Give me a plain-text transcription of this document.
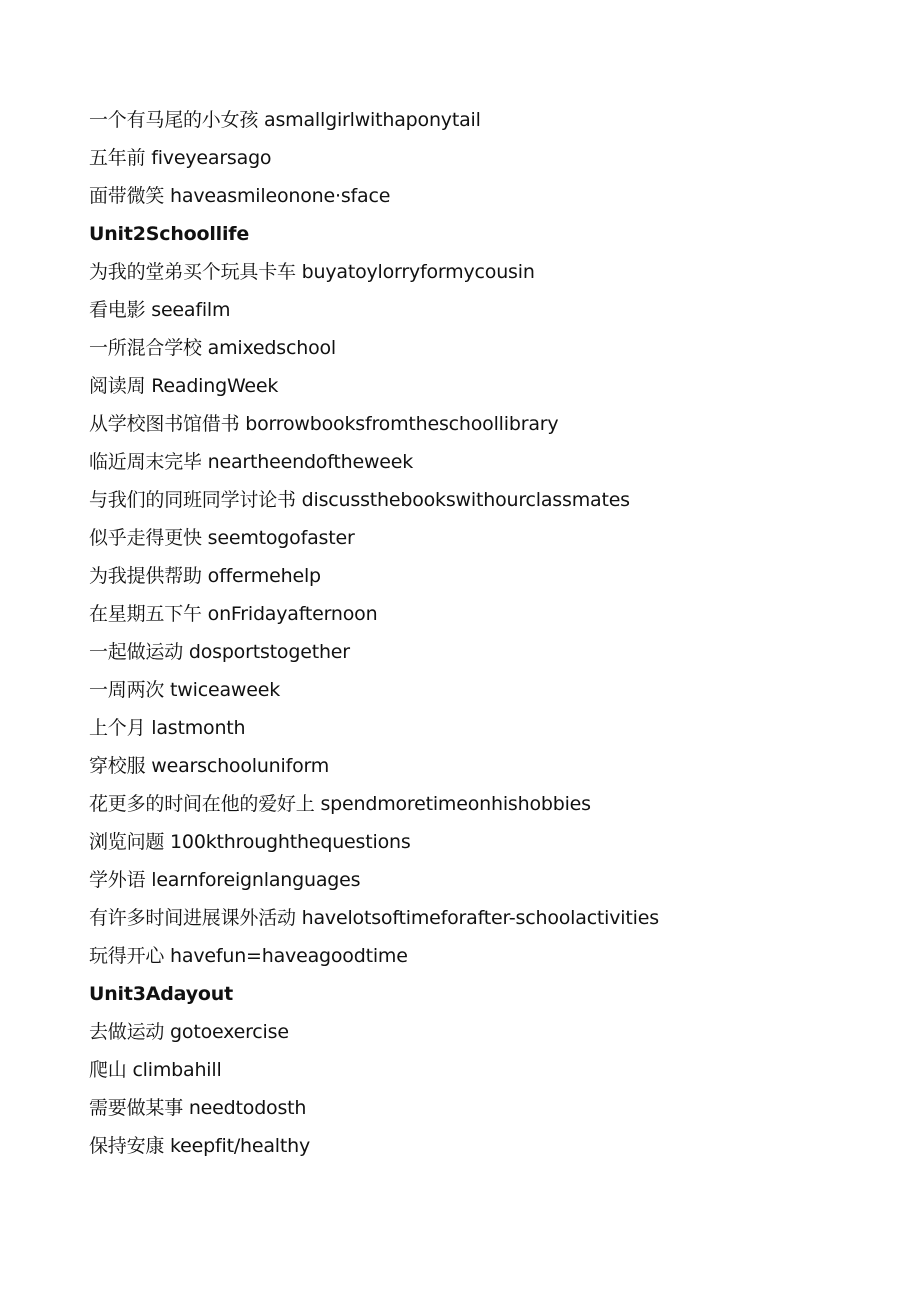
一个有马尾的小女孩 asmallgirlwithaponytail
五年前 fiveyearsago
面带微笑 haveasmileonone·sface
Unit2Schoollife
为我的堂弟买个玩具卡车 buyatoylorryformycousin
看电影 seeafilm
一所混合学校 amixedschool
阅读周 ReadingWeek
从学校图书馆借书 borrowbooksfromtheschoollibrary
临近周末完毕 neartheendoftheweek
与我们的同班同学讨论书 discussthebookswithourclassmates
似乎走得更快 seemtogofaster
为我提供帮助 offermehelp
在星期五下午 onFridayafternoon
一起做运动 dosportstogether
一周两次 twiceaweek
上个月 lastmonth
穿校服 wearschooluniform
花更多的时间在他的爱好上 spendmoretimeonhishobbies
浏览问题 100kthroughthequestions
学外语 learnforeignlanguages
有许多时间进展课外活动 havelotsoftimeforafter-schoolactivities
玩得开心 havefun=haveagoodtime
Unit3Adayout
去做运动 gotoexercise
爬山 climbahill
需要做某事 needtodosth
保持安康 keepfit/healthy
